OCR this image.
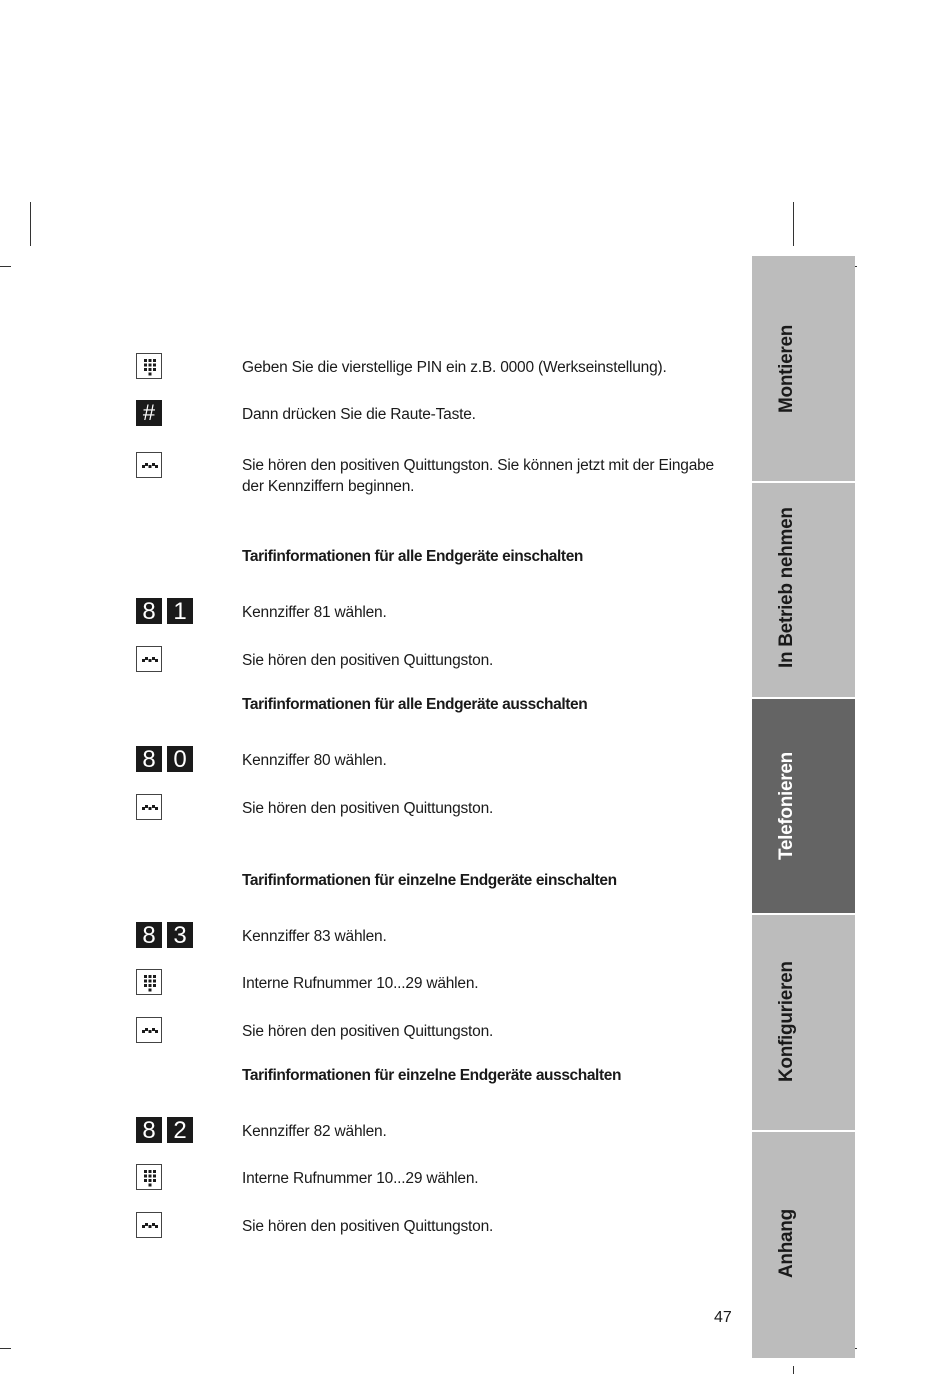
Geben Sie die vierstellige PIN ein z.B. 0000 (Werkseinstellung).
#	Dann drücken Sie die Raute-Taste.
Sie hören den positiven Quittungston. Sie können jetzt mit der Eingabe der Kennziffern beginnen.
Tarifinformationen für alle Endgeräte einschalten
8 1	Kennziffer 81 wählen.
Sie hören den positiven Quittungston.
Tarifinformationen für alle Endgeräte ausschalten
8 0	Kennziffer 80 wählen.
Sie hören den positiven Quittungston.
Tarifinformationen für einzelne Endgeräte einschalten
8 3	Kennziffer 83 wählen.
Interne Rufnummer 10...29 wählen.
Sie hören den positiven Quittungston.
Tarifinformationen für einzelne Endgeräte ausschalten
8 2	Kennziffer 82 wählen.
Interne Rufnummer 10...29 wählen.
Sie hören den positiven Quittungston.
Montieren
In Betrieb nehmen
Telefonieren
Konfigurieren
Anhang
47
